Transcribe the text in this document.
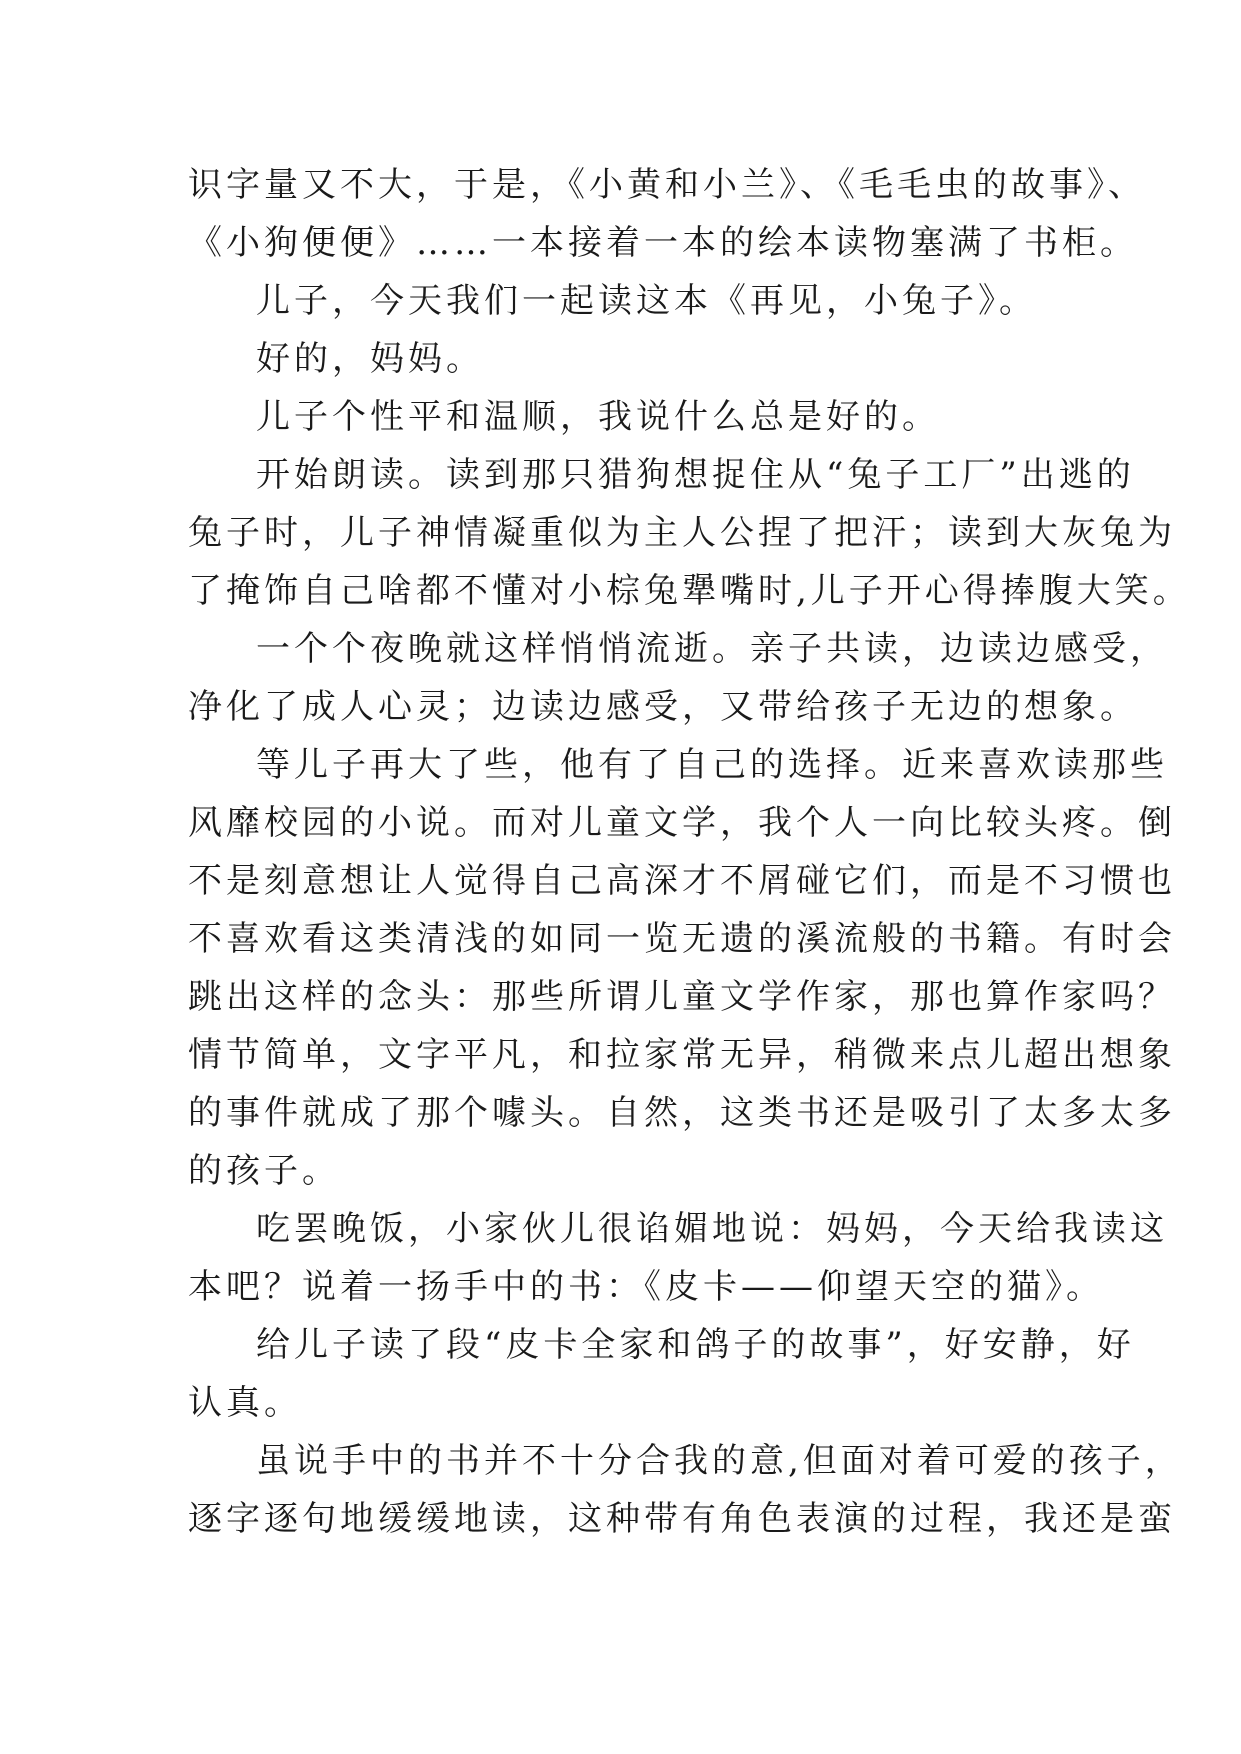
识字量又不大，于是，《小黄和小兰》、《毛毛虫的故事》、
《小狗便便》……一本接着一本的绘本读物塞满了书柜。
儿子，今天我们一起读这本《再见，小兔子》。
好的，妈妈。
儿子个性平和温顺，我说什么总是好的。
开始朗读。读到那只猎狗想捉住从“兔子工厂”出逃的
兔子时，儿子神情凝重似为主人公捏了把汗；读到大灰兔为
了掩饰自己啥都不懂对小棕兔犟嘴时,儿子开心得捧腹大笑。
一个个夜晚就这样悄悄流逝。亲子共读，边读边感受，
净化了成人心灵；边读边感受，又带给孩子无边的想象。
等儿子再大了些，他有了自己的选择。近来喜欢读那些
风靡校园的小说。而对儿童文学，我个人一向比较头疼。倒
不是刻意想让人觉得自己高深才不屑碰它们，而是不习惯也
不喜欢看这类清浅的如同一览无遗的溪流般的书籍。有时会
跳出这样的念头：那些所谓儿童文学作家，那也算作家吗？
情节简单，文字平凡，和拉家常无异，稍微来点儿超出想象
的事件就成了那个噱头。自然，这类书还是吸引了太多太多
的孩子。
吃罢晚饭，小家伙儿很谄媚地说：妈妈，今天给我读这
本吧？说着一扬手中的书：《皮卡——仰望天空的猫》。
给儿子读了段“皮卡全家和鸽子的故事”，好安静，好
认真。
虽说手中的书并不十分合我的意,但面对着可爱的孩子，
逐字逐句地缓缓地读，这种带有角色表演的过程，我还是蛮
